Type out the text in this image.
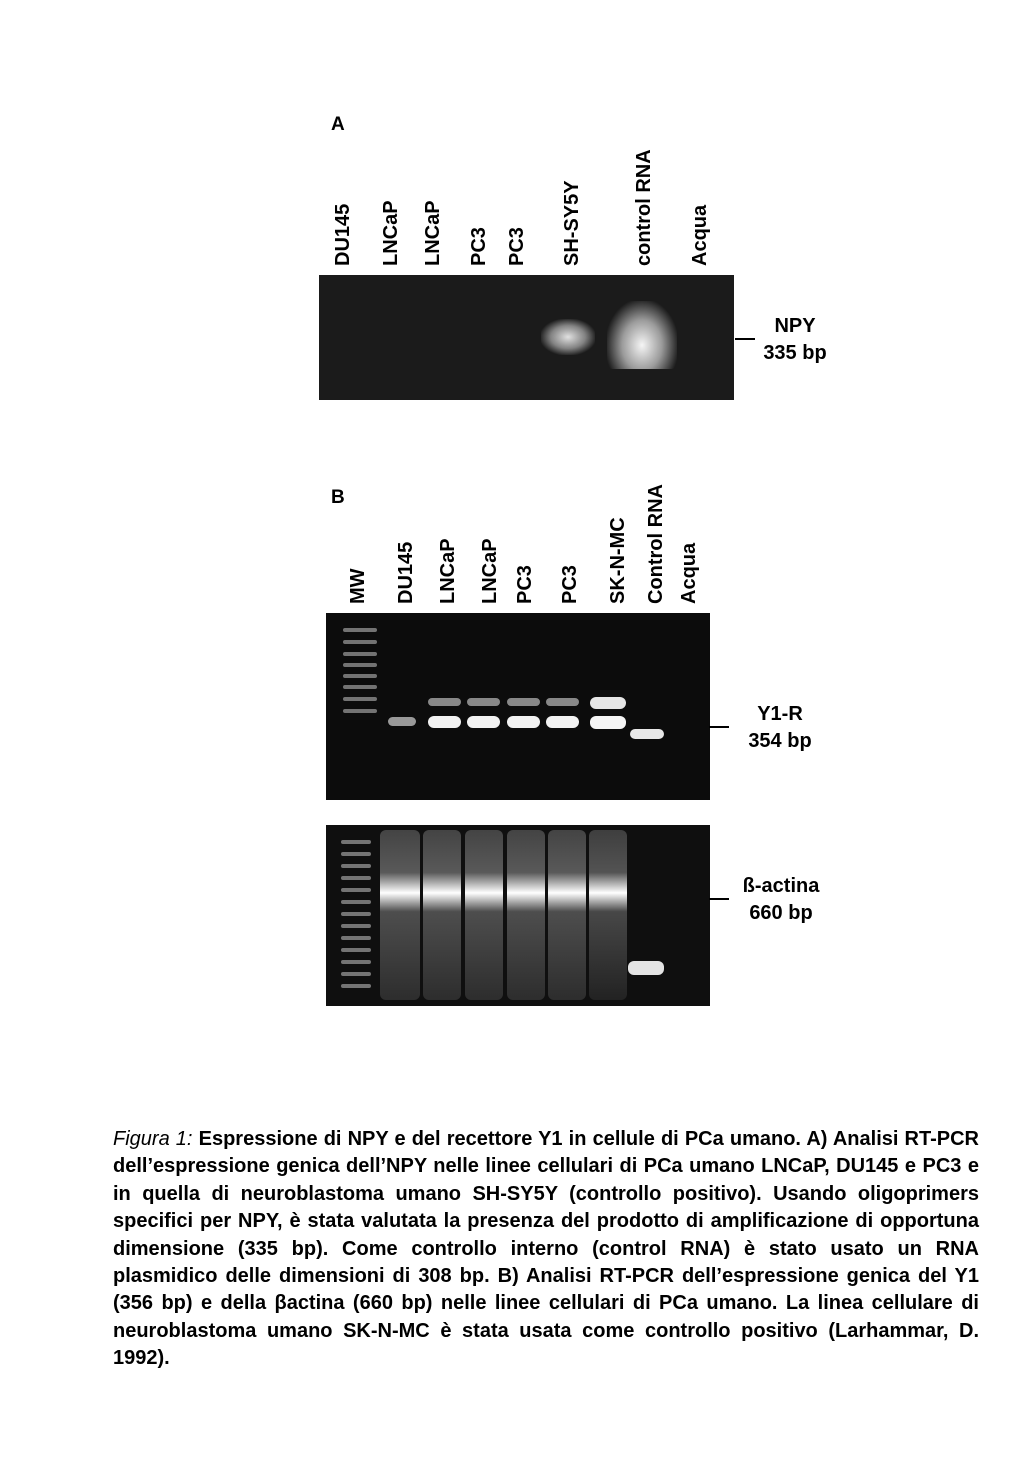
A
DU145 LNCaP LNCaP PC3 PC3 SH-SY5Y	control RNA Acqua
NPY
335 bp
B
MW DU145 LNCaP LNCaP PC3 PC3 SK-N-MC Control RNA Acqua
Y1-R
354 bp
ß-actina
660 bp
Figura 1: Espressione di NPY e del recettore Y1 in cellule di PCa umano. A) Analisi RT-PCR dell’espressione genica dell’NPY nelle linee cellulari di PCa umano LNCaP, DU145 e PC3 e in quella di neuroblastoma umano SH-SY5Y (controllo positivo). Usando oligoprimers specifici per NPY, è stata valutata la presenza del prodotto di amplificazione di opportuna dimensione (335 bp). Come controllo interno (control RNA) è stato usato un RNA plasmidico delle dimensioni di 308 bp. B) Analisi RT-PCR dell’espressione genica del Y1 (356 bp) e della βactina (660 bp) nelle linee cellulari di PCa umano. La linea cellulare di neuroblastoma umano SK-N-MC è stata usata come controllo positivo (Larhammar, D. 1992).
